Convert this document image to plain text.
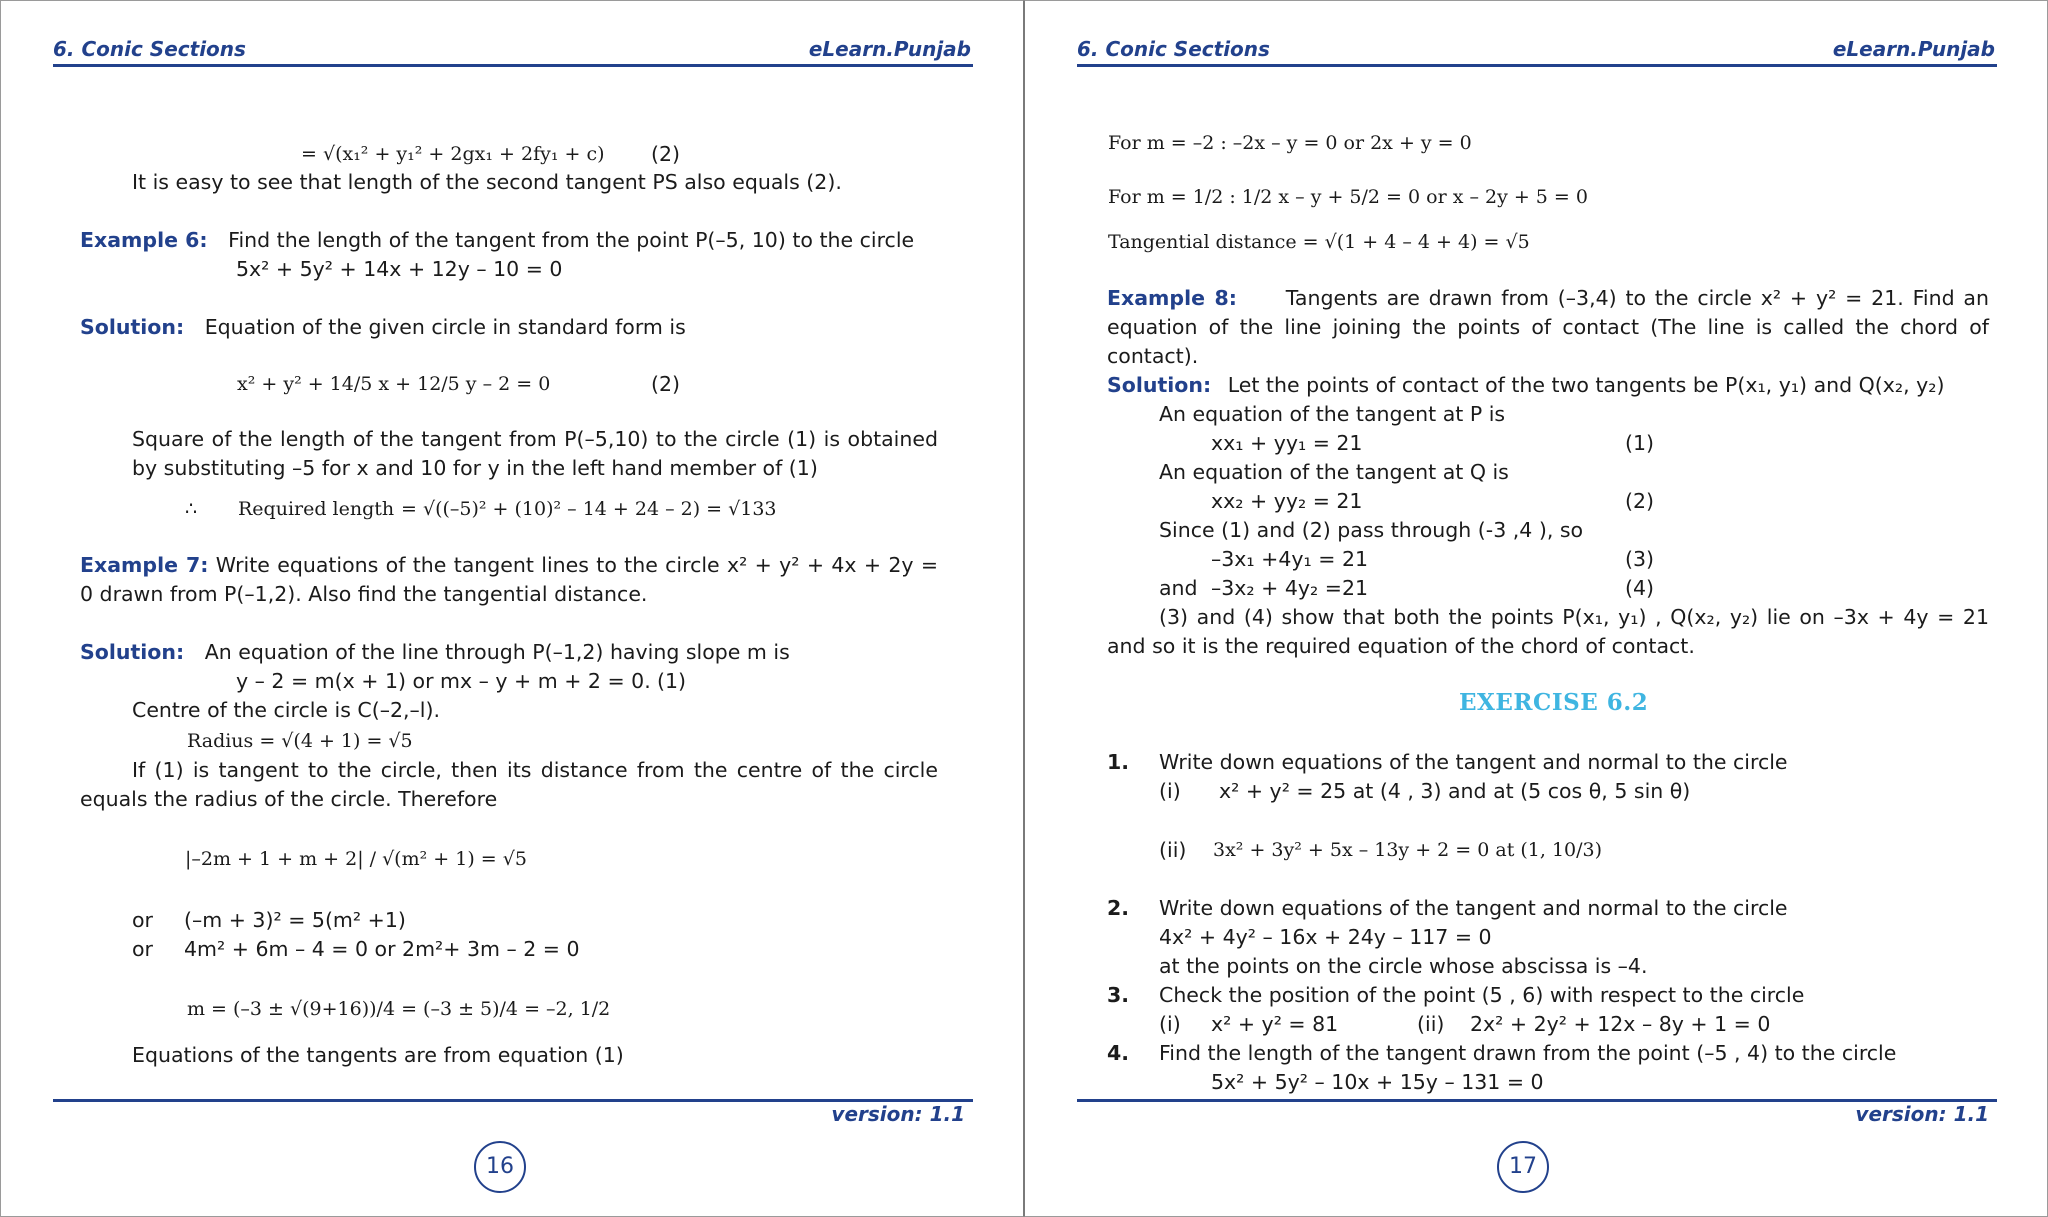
6. Conic Sections	eLearn.Punjab
= √(x₁² + y₁² + 2gx₁ + 2fy₁ + c) (2)
It is easy to see that length of the second tangent PS also equals (2).
Example 6: Find the length of the tangent from the point P(–5, 10) to the circle
5x² + 5y² + 14x + 12y – 10 = 0
Solution: Equation of the given circle in standard form is
x² + y² + 14/5 x + 12/5 y – 2 = 0	(2)
Square of the length of the tangent from P(–5,10) to the circle (1) is obtained by substituting –5 for x and 10 for y in the left hand member of (1)
∴ Required length = √((–5)² + (10)² – 14 + 24 – 2) = √133
Example 7: Write equations of the tangent lines to the circle x² + y² + 4x + 2y = 0 drawn from P(–1,2). Also find the tangential distance.
Solution: An equation of the line through P(–1,2) having slope m is
y – 2 = m(x + 1) or mx – y + m + 2 = 0. (1)
Centre of the circle is C(–2,–l).
Radius = √(4 + 1) = √5
If (1) is tangent to the circle, then its distance from the centre of the circle equals the radius of the circle. Therefore
|–2m + 1 + m + 2| / √(m² + 1) = √5
or (–m + 3)² = 5(m² +1)
or 4m² + 6m – 4 = 0 or 2m²+ 3m – 2 = 0
m = (–3 ± √(9+16))/4 = (–3 ± 5)/4 = –2, 1/2
Equations of the tangents are from equation (1)
version: 1.1
16
6. Conic Sections	eLearn.Punjab
For m = –2 : –2x – y = 0 or 2x + y = 0
For m = 1/2 : 1/2 x – y + 5/2 = 0 or x – 2y + 5 = 0
Tangential distance = √(1 + 4 – 4 + 4) = √5
Example 8: Tangents are drawn from (–3,4) to the circle x² + y² = 21. Find an equation of the line joining the points of contact (The line is called the chord of contact).
Solution: Let the points of contact of the two tangents be P(x₁, y₁) and Q(x₂, y₂)
An equation of the tangent at P is
xx₁ + yy₁ = 21	(1)
An equation of the tangent at Q is
xx₂ + yy₂ = 21	(2)
Since (1) and (2) pass through (-3 ,4 ), so
–3x₁ +4y₁ = 21	(3)
and –3x₂ + 4y₂ =21	(4)
(3) and (4) show that both the points P(x₁, y₁) , Q(x₂, y₂) lie on –3x + 4y = 21 and so it is the required equation of the chord of contact.
EXERCISE 6.2
1. Write down equations of the tangent and normal to the circle
(i) x² + y² = 25 at (4 , 3) and at (5 cos θ, 5 sin θ)
(ii) 3x² + 3y² + 5x – 13y + 2 = 0 at (1, 10/3)
2. Write down equations of the tangent and normal to the circle
4x² + 4y² – 16x + 24y – 117 = 0
at the points on the circle whose abscissa is –4.
3. Check the position of the point (5 , 6) with respect to the circle
(i) x² + y² = 81	(ii) 2x² + 2y² + 12x – 8y + 1 = 0
4. Find the length of the tangent drawn from the point (–5 , 4) to the circle
5x² + 5y² – 10x + 15y – 131 = 0
version: 1.1
17
